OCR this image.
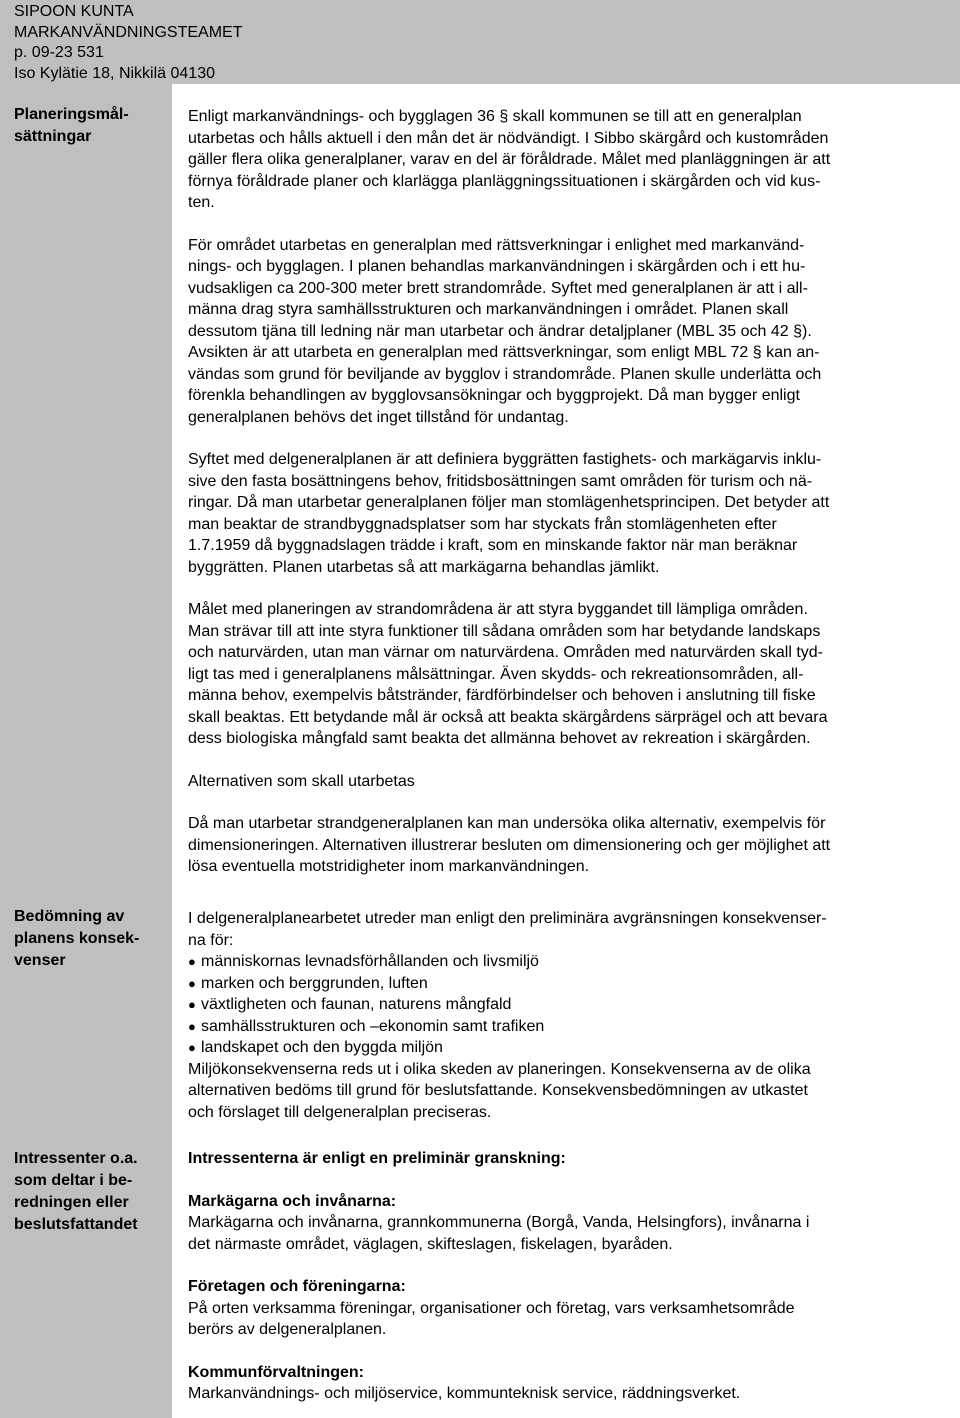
SIPOON KUNTA
MARKANVÄNDNINGSTEAMET
p. 09-23 531
Iso Kylätie 18, Nikkilä 04130
Planeringsmål-
sättningar

Enligt markanvändnings- och bygglagen 36 § skall kommunen se till att en generalplan
utarbetas och hålls aktuell i den mån det är nödvändigt. I Sibbo skärgård och kustområden
gäller flera olika generalplaner, varav en del är föråldrade. Målet med planläggningen är att
förnya föråldrade planer och klarlägga planläggningssituationen i skärgården och vid kus-
ten.

För området utarbetas en generalplan med rättsverkningar i enlighet med markanvänd-
nings- och bygglagen. I planen behandlas markanvändningen i skärgården och i ett hu-
vudsakligen ca 200-300 meter brett strandområde. Syftet med generalplanen är att i all-
männa drag styra samhällsstrukturen och markanvändningen i området. Planen skall
dessutom tjäna till ledning när man utarbetar och ändrar detaljplaner (MBL 35 och 42 §).
Avsikten är att utarbeta en generalplan med rättsverkningar, som enligt MBL 72 § kan an-
vändas som grund för beviljande av bygglov i strandområde. Planen skulle underlätta och
förenkla behandlingen av bygglovsansökningar och byggprojekt. Då man bygger enligt
generalplanen behövs det inget tillstånd för undantag.

Syftet med delgeneralplanen är att definiera byggrätten fastighets- och markägarvis inklu-
sive den fasta bosättningens behov, fritidsbosättningen samt områden för turism och nä-
ringar. Då man utarbetar generalplanen följer man stomlägenhetsprincipen. Det betyder att
man beaktar de strandbyggnadsplatser som har styckats från stomlägenheten efter
1.7.1959 då byggnadslagen trädde i kraft, som en minskande faktor när man beräknar
byggrätten. Planen utarbetas så att markägarna behandlas jämlikt.

Målet med planeringen av strandområdena är att styra byggandet till lämpliga områden.
Man strävar till att inte styra funktioner till sådana områden som har betydande landskaps
och naturvärden, utan man värnar om naturvärdena. Områden med naturvärden skall tyd-
ligt tas med i generalplanens målsättningar. Även skydds- och rekreationsområden, all-
männa behov, exempelvis båtstränder, färdförbindelser och behoven i anslutning till fiske
skall beaktas. Ett betydande mål är också att beakta skärgårdens särprägel och att bevara
dess biologiska mångfald samt beakta det allmänna behovet av rekreation i skärgården.

Alternativen som skall utarbetas

Då man utarbetar strandgeneralplanen kan man undersöka olika alternativ, exempelvis för
dimensioneringen. Alternativen illustrerar besluten om dimensionering och ger möjlighet att
lösa eventuella motstridigheter inom markanvändningen.

Bedömning av
planens konsek-
venser

I delgeneralplanearbetet utreder man enligt den preliminära avgränsningen konsekvenser-
na för:

● människornas levnadsförhållanden och livsmiljö
● marken och berggrunden, luften
● växtligheten och faunan, naturens mångfald
● samhällsstrukturen och –ekonomin samt trafiken
● landskapet och den byggda miljön

Miljökonsekvenserna reds ut i olika skeden av planeringen. Konsekvenserna av de olika
alternativen bedöms till grund för beslutsfattande. Konsekvensbedömningen av utkastet
och förslaget till delgeneralplan preciseras.

Intressenter o.a.
som deltar i be-
redningen eller
beslutsfattandet

Intressenterna är enligt en preliminär granskning:

Markägarna och invånarna:

Markägarna och invånarna, grannkommunerna (Borgå, Vanda, Helsingfors), invånarna i
det närmaste området, väglagen, skifteslagen, fiskelagen, byaråden.

Företagen och föreningarna:

På orten verksamma föreningar, organisationer och företag, vars verksamhetsområde
berörs av delgeneralplanen.

Kommunförvaltningen:

Markanvändnings- och miljöservice, kommunteknisk service, räddningsverket.
